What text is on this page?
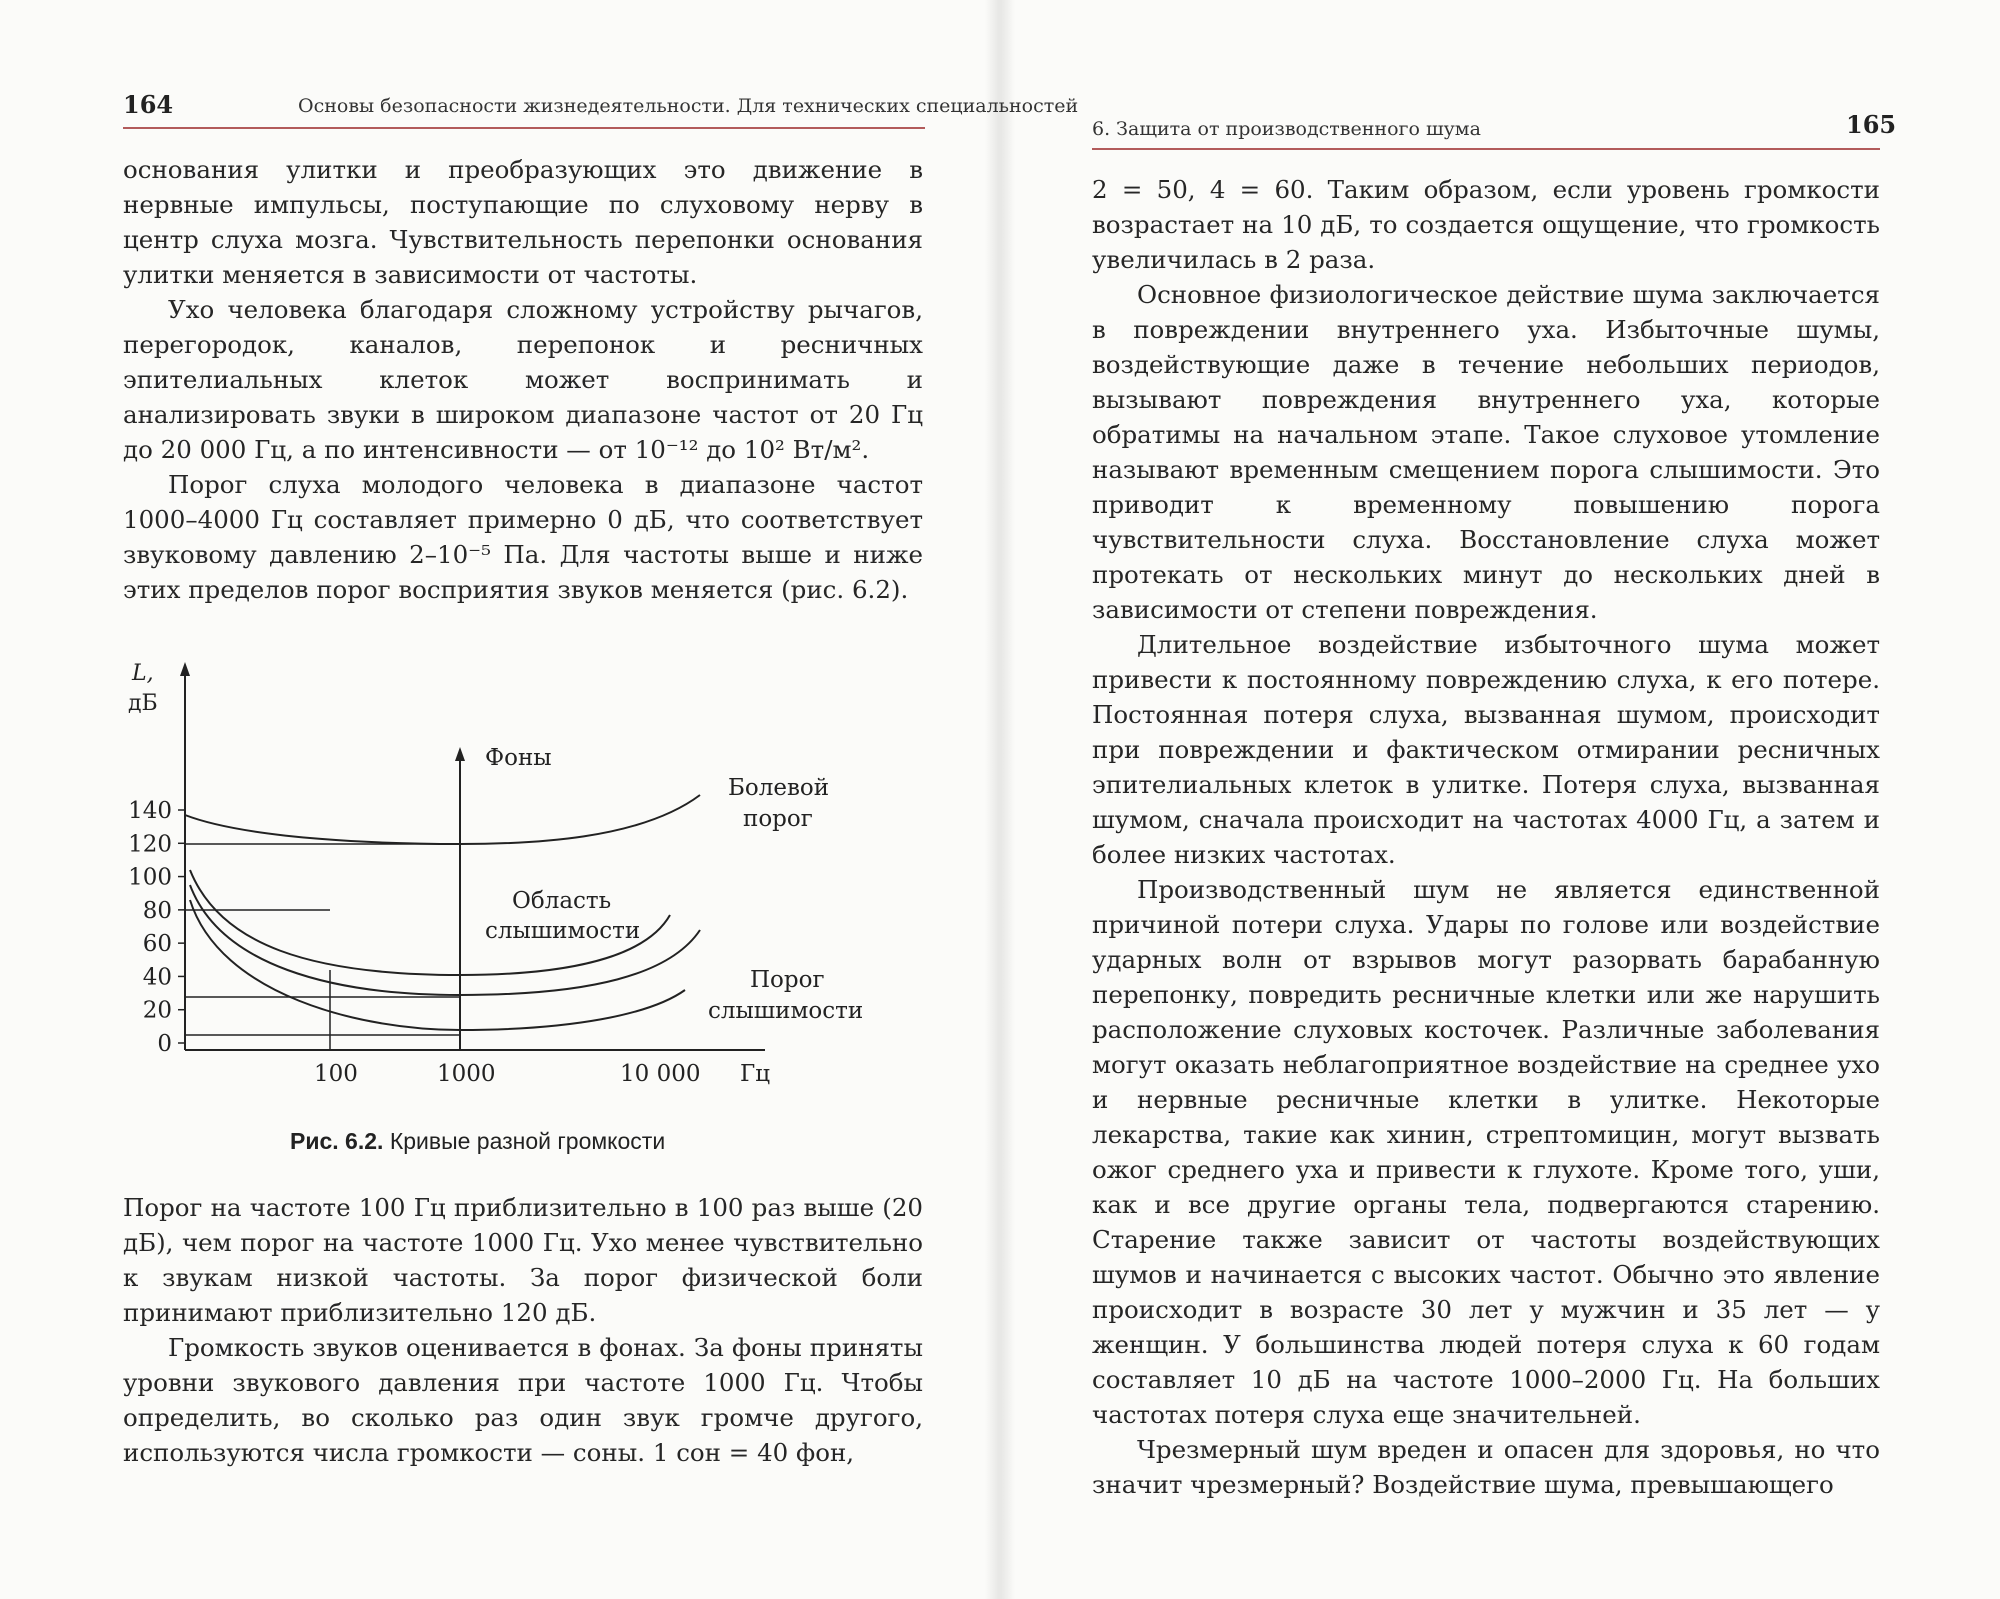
164	Основы безопасности жизнедеятельности. Для технических специальностей
6. Защита от производственного шума	165

основания улитки и преобразующих это движение в нервные импульсы, поступающие по слуховому нерву в центр слуха мозга. Чувствительность перепонки основания улитки меняется в зависимости от частоты.

Ухо человека благодаря сложному устройству рычагов, перегородок, каналов, перепонок и ресничных эпителиальных клеток может воспринимать и анализировать звуки в широком диапазоне частот от 20 Гц до 20 000 Гц, а по интенсивности — от 10⁻¹² до 10² Вт/м².

Порог слуха молодого человека в диапазоне частот 1000–4000 Гц составляет примерно 0 дБ, что соответствует звуковому давлению 2–10⁻⁵ Па. Для частоты выше и ниже этих пределов порог восприятия звуков меняется (рис. 6.2).

L,
дБ
0
20
40
60
80
100
120
140
100	1000	10 000 Гц
Фоны
Болевой
порог
Область
слышимости
Порог
слышимости
Рис. 6.2. Кривые разной громкости

Порог на частоте 100 Гц приблизительно в 100 раз выше (20 дБ), чем порог на частоте 1000 Гц. Ухо менее чувствительно к звукам низкой частоты. За порог физической боли принимают приблизительно 120 дБ.

Громкость звуков оценивается в фонах. За фоны приняты уровни звукового давления при частоте 1000 Гц. Чтобы определить, во сколько раз один звук громче другого, используются числа громкости — соны. 1 сон = 40 фон,

2 = 50, 4 = 60. Таким образом, если уровень громкости возрастает на 10 дБ, то создается ощущение, что громкость увеличилась в 2 раза.

Основное физиологическое действие шума заключается в повреждении внутреннего уха. Избыточные шумы, воздействующие даже в течение небольших периодов, вызывают повреждения внутреннего уха, которые обратимы на начальном этапе. Такое слуховое утомление называют временным смещением порога слышимости. Это приводит к временному повышению порога чувствительности слуха. Восстановление слуха может протекать от нескольких минут до нескольких дней в зависимости от степени повреждения.

Длительное воздействие избыточного шума может привести к постоянному повреждению слуха, к его потере. Постоянная потеря слуха, вызванная шумом, происходит при повреждении и фактическом отмирании ресничных эпителиальных клеток в улитке. Потеря слуха, вызванная шумом, сначала происходит на частотах 4000 Гц, а затем и более низких частотах.

Производственный шум не является единственной причиной потери слуха. Удары по голове или воздействие ударных волн от взрывов могут разорвать барабанную перепонку, повредить ресничные клетки или же нарушить расположение слуховых косточек. Различные заболевания могут оказать неблагоприятное воздействие на среднее ухо и нервные ресничные клетки в улитке. Некоторые лекарства, такие как хинин, стрептомицин, могут вызвать ожог среднего уха и привести к глухоте. Кроме того, уши, как и все другие органы тела, подвергаются старению. Старение также зависит от частоты воздействующих шумов и начинается с высоких частот. Обычно это явление происходит в возрасте 30 лет у мужчин и 35 лет — у женщин. У большинства людей потеря слуха к 60 годам составляет 10 дБ на частоте 1000–2000 Гц. На больших частотах потеря слуха еще значительней.

Чрезмерный шум вреден и опасен для здоровья, но что значит чрезмерный? Воздействие шума, превышающего
